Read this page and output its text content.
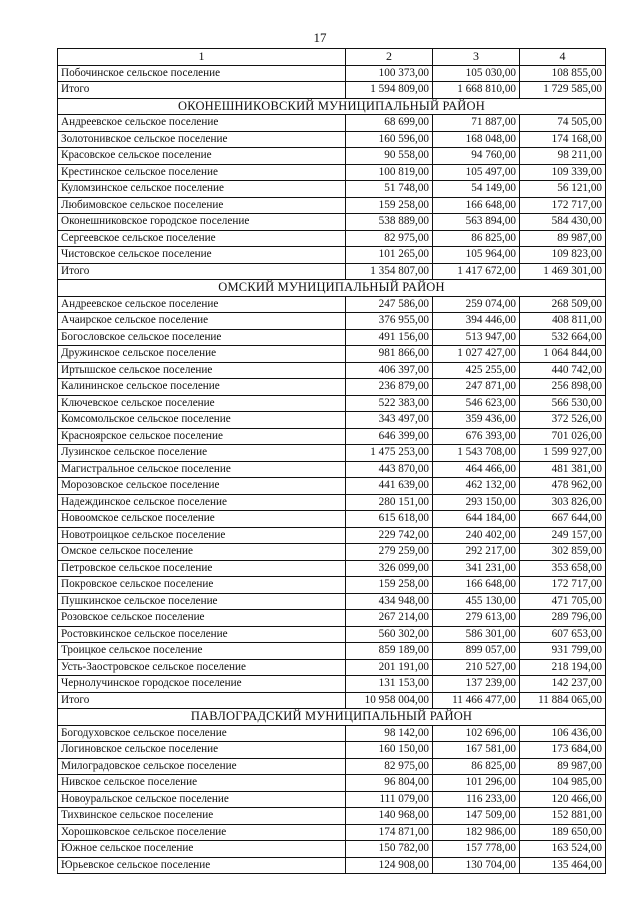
17
1	2	3	4
Побочинское сельское поселение	100 373,00	105 030,00	108 855,00
Итого	1 594 809,00	1 668 810,00	1 729 585,00
ОКОНЕШНИКОВСКИЙ МУНИЦИПАЛЬНЫЙ РАЙОН			
Андреевское сельское поселение	68 699,00	71 887,00	74 505,00
Золотонивское сельское поселение	160 596,00	168 048,00	174 168,00
Красовское сельское поселение	90 558,00	94 760,00	98 211,00
Крестинское сельское поселение	100 819,00	105 497,00	109 339,00
Куломзинское сельское поселение	51 748,00	54 149,00	56 121,00
Любимовское сельское поселение	159 258,00	166 648,00	172 717,00
Оконешниковское городское поселение	538 889,00	563 894,00	584 430,00
Сергеевское сельское поселение	82 975,00	86 825,00	89 987,00
Чистовское сельское поселение	101 265,00	105 964,00	109 823,00
Итого	1 354 807,00	1 417 672,00	1 469 301,00
ОМСКИЙ МУНИЦИПАЛЬНЫЙ РАЙОН			
Андреевское сельское поселение	247 586,00	259 074,00	268 509,00
Ачаирское сельское поселение	376 955,00	394 446,00	408 811,00
Богословское сельское поселение	491 156,00	513 947,00	532 664,00
Дружинское сельское поселение	981 866,00	1 027 427,00	1 064 844,00
Иртышское сельское поселение	406 397,00	425 255,00	440 742,00
Калининское сельское поселение	236 879,00	247 871,00	256 898,00
Ключевское сельское поселение	522 383,00	546 623,00	566 530,00
Комсомольское сельское поселение	343 497,00	359 436,00	372 526,00
Красноярское сельское поселение	646 399,00	676 393,00	701 026,00
Лузинское сельское поселение	1 475 253,00	1 543 708,00	1 599 927,00
Магистральное сельское поселение	443 870,00	464 466,00	481 381,00
Морозовское сельское поселение	441 639,00	462 132,00	478 962,00
Надеждинское сельское поселение	280 151,00	293 150,00	303 826,00
Новоомское сельское поселение	615 618,00	644 184,00	667 644,00
Новотроицкое сельское поселение	229 742,00	240 402,00	249 157,00
Омское сельское поселение	279 259,00	292 217,00	302 859,00
Петровское сельское поселение	326 099,00	341 231,00	353 658,00
Покровское сельское поселение	159 258,00	166 648,00	172 717,00
Пушкинское сельское поселение	434 948,00	455 130,00	471 705,00
Розовское сельское поселение	267 214,00	279 613,00	289 796,00
Ростовкинское сельское поселение	560 302,00	586 301,00	607 653,00
Троицкое сельское поселение	859 189,00	899 057,00	931 799,00
Усть-Заостровское сельское поселение	201 191,00	210 527,00	218 194,00
Чернолучинское городское поселение	131 153,00	137 239,00	142 237,00
Итого	10 958 004,00	11 466 477,00	11 884 065,00
ПАВЛОГРАДСКИЙ МУНИЦИПАЛЬНЫЙ РАЙОН			
Богодуховское сельское поселение	98 142,00	102 696,00	106 436,00
Логиновское сельское поселение	160 150,00	167 581,00	173 684,00
Милоградовское сельское поселение	82 975,00	86 825,00	89 987,00
Нивское сельское поселение	96 804,00	101 296,00	104 985,00
Новоуральское сельское поселение	111 079,00	116 233,00	120 466,00
Тихвинское сельское поселение	140 968,00	147 509,00	152 881,00
Хорошковское сельское поселение	174 871,00	182 986,00	189 650,00
Южное сельское поселение	150 782,00	157 778,00	163 524,00
Юрьевское сельское поселение	124 908,00	130 704,00	135 464,00
